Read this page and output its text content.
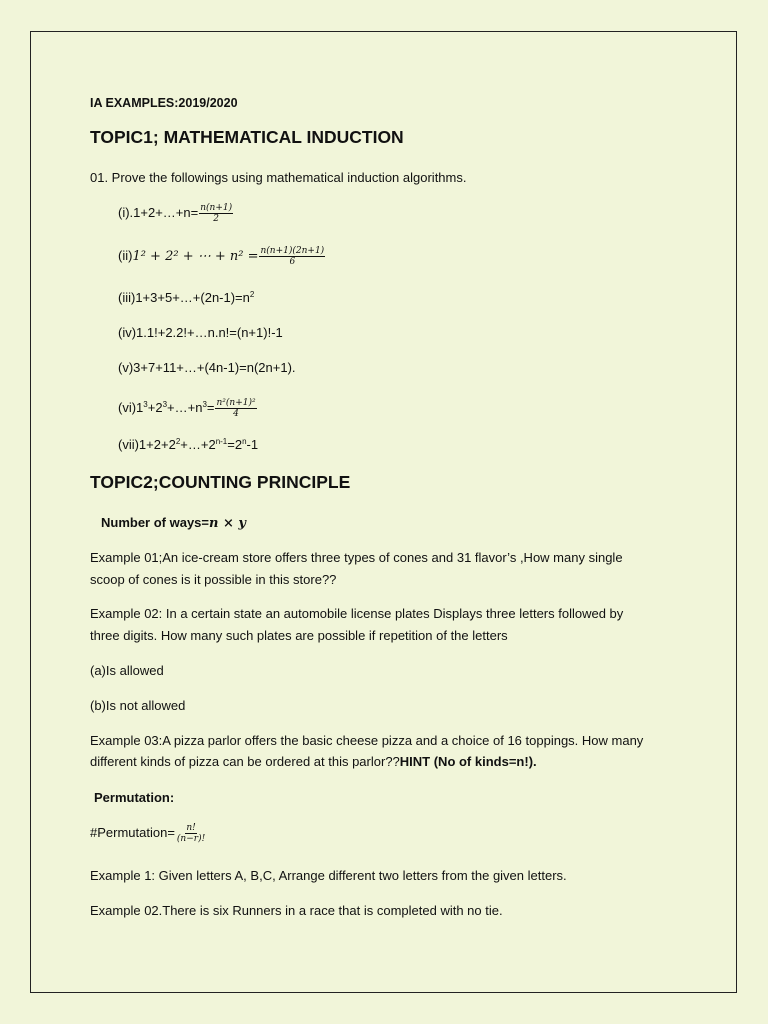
IA EXAMPLES:2019/2020
TOPIC1; MATHEMATICAL INDUCTION
01. Prove the followings using mathematical induction algorithms.
(i).1+2+…+n= $\frac{n(n+1)}{2}$
(ii)1² + 2² + ⋯ + $n^2 = \frac{n(n+1)(2n+1)}{6}$
$(iii)1+3+5+\dots+(2n-1)=n^2$
(iv)1.1!+2.2!+…n.n!=(n+1)!-1
(v)3+7+11+…+(4n-1)=n(2n+1).
$(vi)1^3+2^3+\dots+n^3= \frac{\text{n²(n+1)²}}{4}$
$(vii)1+2+2^2+\dots+2^{n-1}=2^n-1$
TOPIC2;COUNTING PRINCIPLE
Number of ways=n × y
Example 01;An ice-cream store offers three types of cones and 31 flavor’s ,How many single
scoop of cones is it possible in this store??
Example 02: In a certain state an automobile license plates Displays three letters followed by
three digits. How many such plates are possible if repetition of the letters
(a)Is allowed
(b)Is not allowed
Example 03:A pizza parlor offers the basic cheese pizza and a choice of 16 toppings. How many
different kinds of pizza can be ordered at this parlor??HINT (No of kinds=n!).
Permutation:
#Permutation= $\frac{n!}{(n-r)!}$
Example 1: Given letters A, B,C, Arrange different two letters from the given letters.
Example 02.There is six Runners in a race that is completed with no tie.
